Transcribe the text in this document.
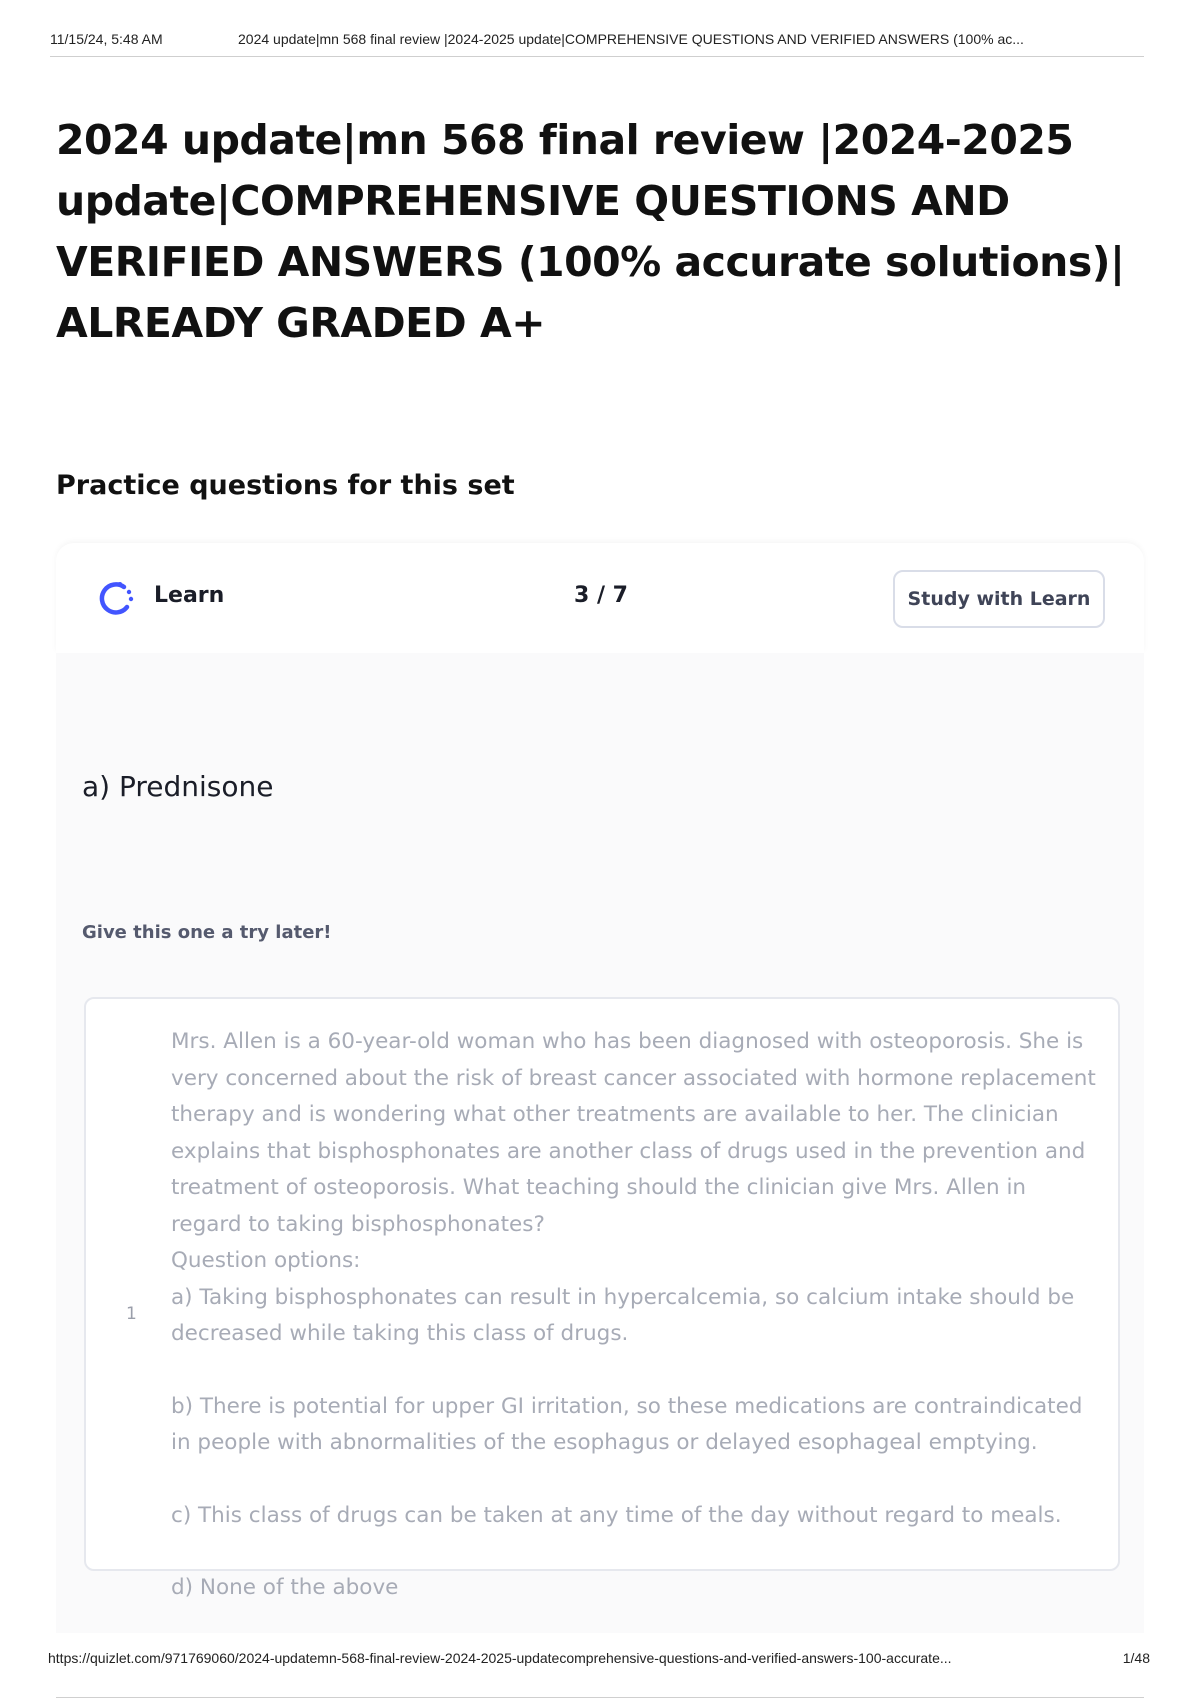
11/15/24, 5:48 AM	2024 update|mn 568 final review |2024-2025 update|COMPREHENSIVE QUESTIONS AND VERIFIED ANSWERS (100% ac...
2024 update|mn 568 final review |2024-2025 update|COMPREHENSIVE QUESTIONS AND VERIFIED ANSWERS (100% accurate solutions)| ALREADY GRADED A+
Practice questions for this set
Learn	3 / 7	Study with Learn
a) Prednisone
Give this one a try later!
1

Mrs. Allen is a 60-year-old woman who has been diagnosed with osteoporosis. She is very concerned about the risk of breast cancer associated with hormone replacement therapy and is wondering what other treatments are available to her. The clinician explains that bisphosphonates are another class of drugs used in the prevention and treatment of osteoporosis. What teaching should the clinician give Mrs. Allen in regard to taking bisphosphonates?

Question options:

a) Taking bisphosphonates can result in hypercalcemia, so calcium intake should be decreased while taking this class of drugs.

b) There is potential for upper GI irritation, so these medications are contraindicated in people with abnormalities of the esophagus or delayed esophageal emptying.

c) This class of drugs can be taken at any time of the day without regard to meals.

d) None of the above

https://quizlet.com/971769060/2024-updatemn-568-final-review-2024-2025-updatecomprehensive-questions-and-verified-answers-100-accurate...	1/48
